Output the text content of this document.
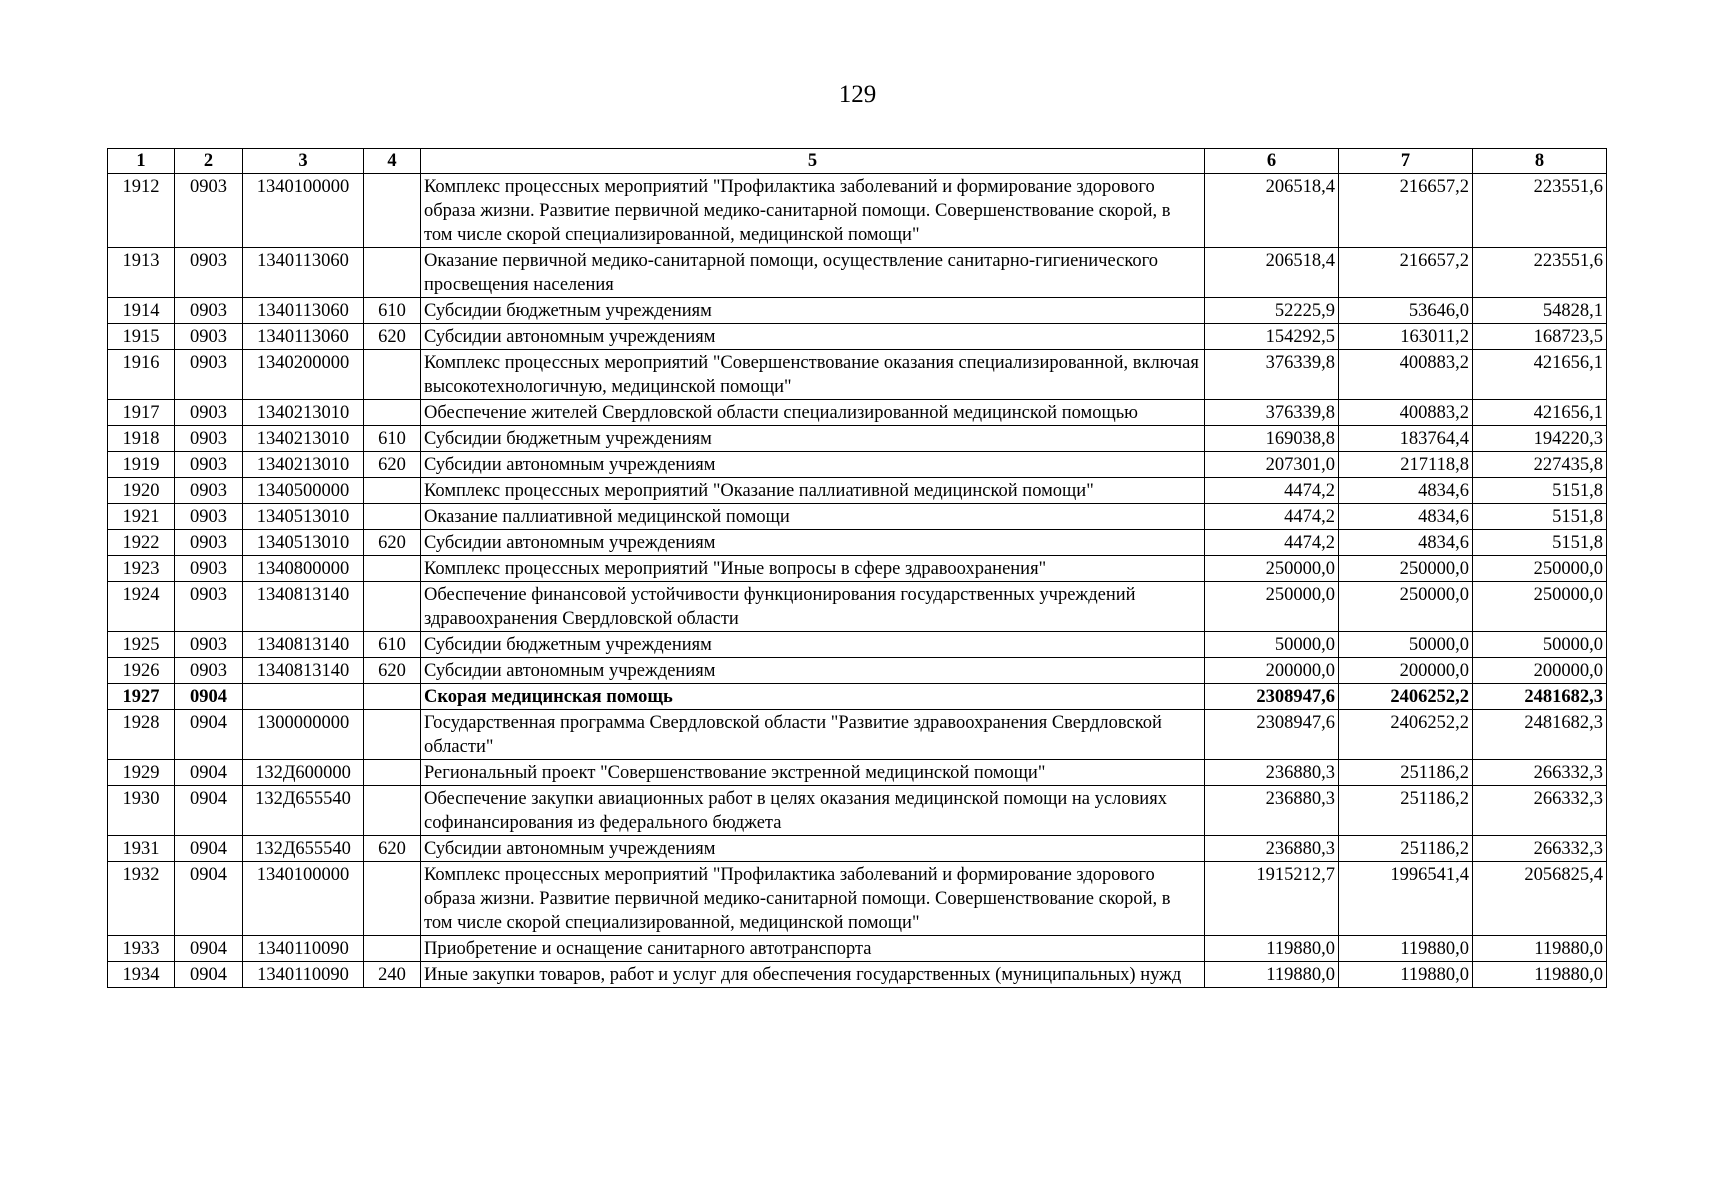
129
1	2	3	4	5	6	7	8
1912	0903	1340100000		Комплекс процессных мероприятий "Профилактика заболеваний и формирование здорового образа жизни. Развитие первичной медико-санитарной помощи. Совершенствование скорой, в том числе скорой специализированной, медицинской помощи"	206518,4	216657,2	223551,6
1913	0903	1340113060		Оказание первичной медико-санитарной помощи, осуществление санитарно-гигиенического просвещения населения	206518,4	216657,2	223551,6
1914	0903	1340113060	610	Субсидии бюджетным учреждениям	52225,9	53646,0	54828,1
1915	0903	1340113060	620	Субсидии автономным учреждениям	154292,5	163011,2	168723,5
1916	0903	1340200000		Комплекс процессных мероприятий "Совершенствование оказания специализированной, включая высокотехнологичную, медицинской помощи"	376339,8	400883,2	421656,1
1917	0903	1340213010		Обеспечение жителей Свердловской области специализированной медицинской помощью	376339,8	400883,2	421656,1
1918	0903	1340213010	610	Субсидии бюджетным учреждениям	169038,8	183764,4	194220,3
1919	0903	1340213010	620	Субсидии автономным учреждениям	207301,0	217118,8	227435,8
1920	0903	1340500000		Комплекс процессных мероприятий "Оказание паллиативной медицинской помощи"	4474,2	4834,6	5151,8
1921	0903	1340513010		Оказание паллиативной медицинской помощи	4474,2	4834,6	5151,8
1922	0903	1340513010	620	Субсидии автономным учреждениям	4474,2	4834,6	5151,8
1923	0903	1340800000		Комплекс процессных мероприятий "Иные вопросы в сфере здравоохранения"	250000,0	250000,0	250000,0
1924	0903	1340813140		Обеспечение финансовой устойчивости функционирования государственных учреждений здравоохранения Свердловской области	250000,0	250000,0	250000,0
1925	0903	1340813140	610	Субсидии бюджетным учреждениям	50000,0	50000,0	50000,0
1926	0903	1340813140	620	Субсидии автономным учреждениям	200000,0	200000,0	200000,0
1927	0904			Скорая медицинская помощь	2308947,6	2406252,2	2481682,3
1928	0904	1300000000		Государственная программа Свердловской области "Развитие здравоохранения Свердловской области"	2308947,6	2406252,2	2481682,3
1929	0904	132Д600000		Региональный проект "Совершенствование экстренной медицинской помощи"	236880,3	251186,2	266332,3
1930	0904	132Д655540		Обеспечение закупки авиационных работ в целях оказания медицинской помощи на условиях софинансирования из федерального бюджета	236880,3	251186,2	266332,3
1931	0904	132Д655540	620	Субсидии автономным учреждениям	236880,3	251186,2	266332,3
1932	0904	1340100000		Комплекс процессных мероприятий "Профилактика заболеваний и формирование здорового образа жизни. Развитие первичной медико-санитарной помощи. Совершенствование скорой, в том числе скорой специализированной, медицинской помощи"	1915212,7	1996541,4	2056825,4
1933	0904	1340110090		Приобретение и оснащение санитарного автотранспорта	119880,0	119880,0	119880,0
1934	0904	1340110090	240	Иные закупки товаров, работ и услуг для обеспечения государственных (муниципальных) нужд	119880,0	119880,0	119880,0
